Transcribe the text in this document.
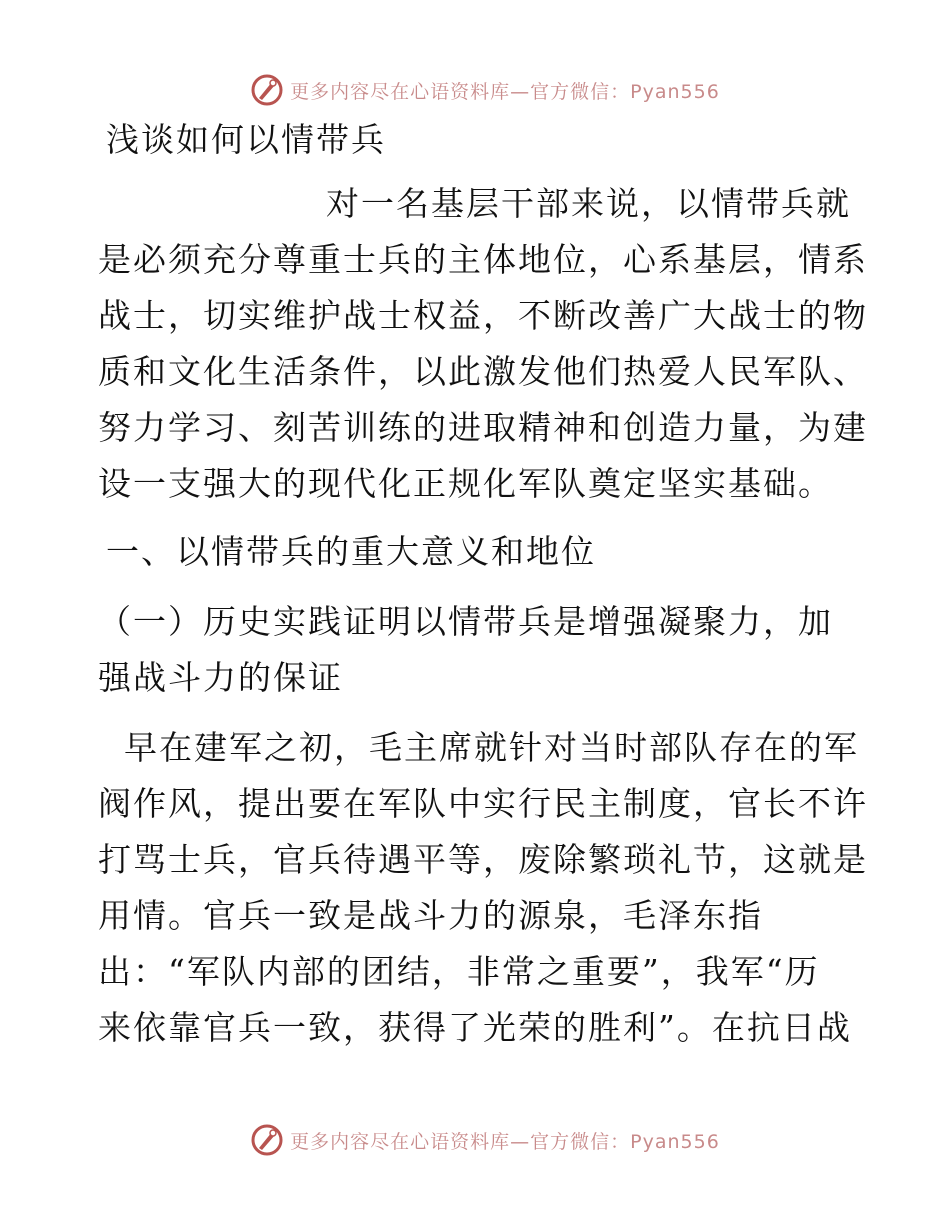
更多内容尽在心语资料库—官方微信：Pyan556
浅谈如何以情带兵
对一名基层干部来说，以情带兵就
是必须充分尊重士兵的主体地位，心系基层，情系
战士，切实维护战士权益，不断改善广大战士的物
质和文化生活条件，以此激发他们热爱人民军队、
努力学习、刻苦训练的进取精神和创造力量，为建
设一支强大的现代化正规化军队奠定坚实基础。
一、以情带兵的重大意义和地位
（一）历史实践证明以情带兵是增强凝聚力，加
强战斗力的保证
早在建军之初，毛主席就针对当时部队存在的军
阀作风，提出要在军队中实行民主制度，官长不许
打骂士兵，官兵待遇平等，废除繁琐礼节，这就是
用情。官兵一致是战斗力的源泉，毛泽东指
出：“军队内部的团结，非常之重要”，我军“历
来依靠官兵一致，获得了光荣的胜利”。在抗日战
更多内容尽在心语资料库—官方微信：Pyan556
